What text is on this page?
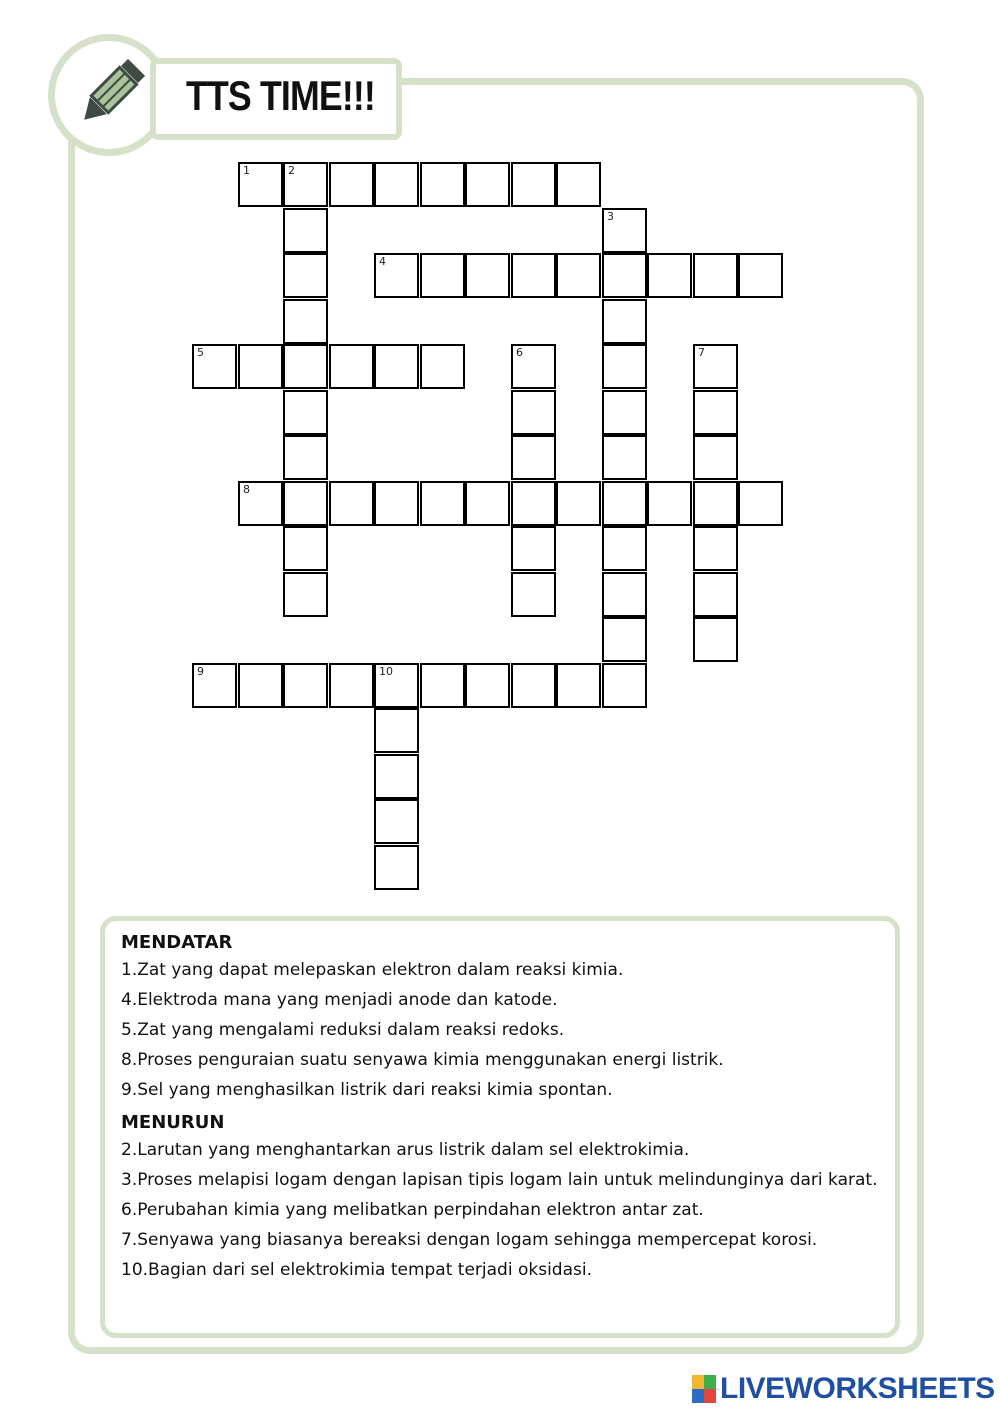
TTS TIME!!!
1	2
3
4
5	6	7
8
9	10
MENDATAR

1.Zat yang dapat melepaskan elektron dalam reaksi kimia.

4.Elektroda mana yang menjadi anode dan katode.

5.Zat yang mengalami reduksi dalam reaksi redoks.

8.Proses penguraian suatu senyawa kimia menggunakan energi listrik.

9.Sel yang menghasilkan listrik dari reaksi kimia spontan.

MENURUN

2.Larutan yang menghantarkan arus listrik dalam sel elektrokimia.

3.Proses melapisi logam dengan lapisan tipis logam lain untuk melindunginya dari karat.

6.Perubahan kimia yang melibatkan perpindahan elektron antar zat.

7.Senyawa yang biasanya bereaksi dengan logam sehingga mempercepat korosi.

10.Bagian dari sel elektrokimia tempat terjadi oksidasi.

LIVEWORKSHEETS
